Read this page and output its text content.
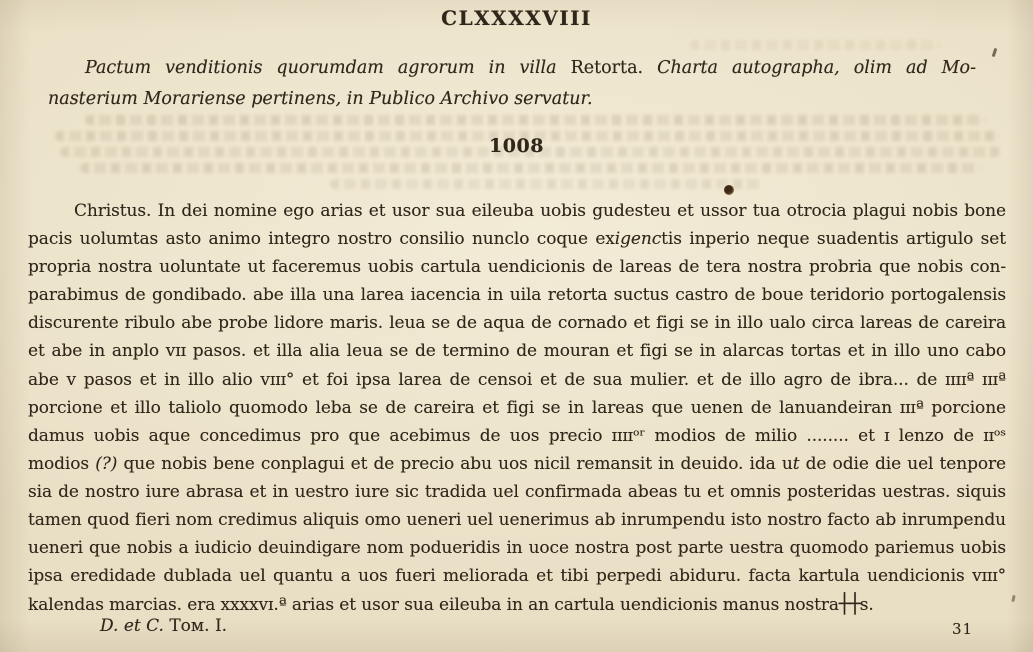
CLXXXXVIII
Pactum venditionis quorumdam agrorum in villa Retorta. Charta autographa, olim ad Mo-
nasterium Morariense pertinens, in Publico Archivo servatur.
1008
Christus. In dei nomine ego arias et usor sua eileuba uobis gudesteu et ussor tua otrocia plagui nobis bone
pacis uolumtas asto animo integro nostro consilio nunclo coque exigenctis inperio neque suadentis artigulo set
propria nostra uoluntate ut faceremus uobis cartula uendicionis de lareas de tera nostra probria que nobis con-
parabimus de gondibado. abe illa una larea iacencia in uila retorta suctus castro de boue teridorio portogalensis
discurente ribulo abe probe lidore maris. leua se de aqua de cornado et figi se in illo ualo circa lareas de careira
et abe in anplo ᴠɪɪ pasos. et illa alia leua se de termino de mouran et figi se in alarcas tortas et in illo uno cabo
abe ᴠ pasos et in illo alio ᴠɪɪɪ° et foi ipsa larea de censoi et de sua mulier. et de illo agro de ibra... de ɪɪɪɪª ɪɪɪª
porcione et illo taliolo quomodo leba se de careira et figi se in lareas que uenen de lanuandeiran ɪɪɪª porcione
damus uobis aque concedimus pro que acebimus de uos precio ɪɪɪɪᵒʳ modios de milio ........ et ɪ lenzo de ɪɪᵒˢ
modios (?) que nobis bene conplagui et de precio abu uos nicil remansit in deuido. ida ut de odie die uel tenpore
sia de nostro iure abrasa et in uestro iure sic tradida uel confirmada abeas tu et omnis posteridas uestras. siquis
tamen quod fieri nom credimus aliquis omo ueneri uel uenerimus ab inrumpendu isto nostro facto ab inrumpendu
ueneri que nobis a iudicio deuindigare nom podueridis in uoce nostra post parte uestra quomodo pariemus uobis
ipsa eredidade dublada uel quantu a uos fueri meliorada et tibi perpedi abiduru. facta kartula uendicionis ᴠɪɪɪ°
kalendas marcias. era xxxxᴠɪ.ª arias et usor sua eileuba in an cartula uendicionis manus nostra┼┼s.
D. et C. Tᴏᴍ. I.	31
